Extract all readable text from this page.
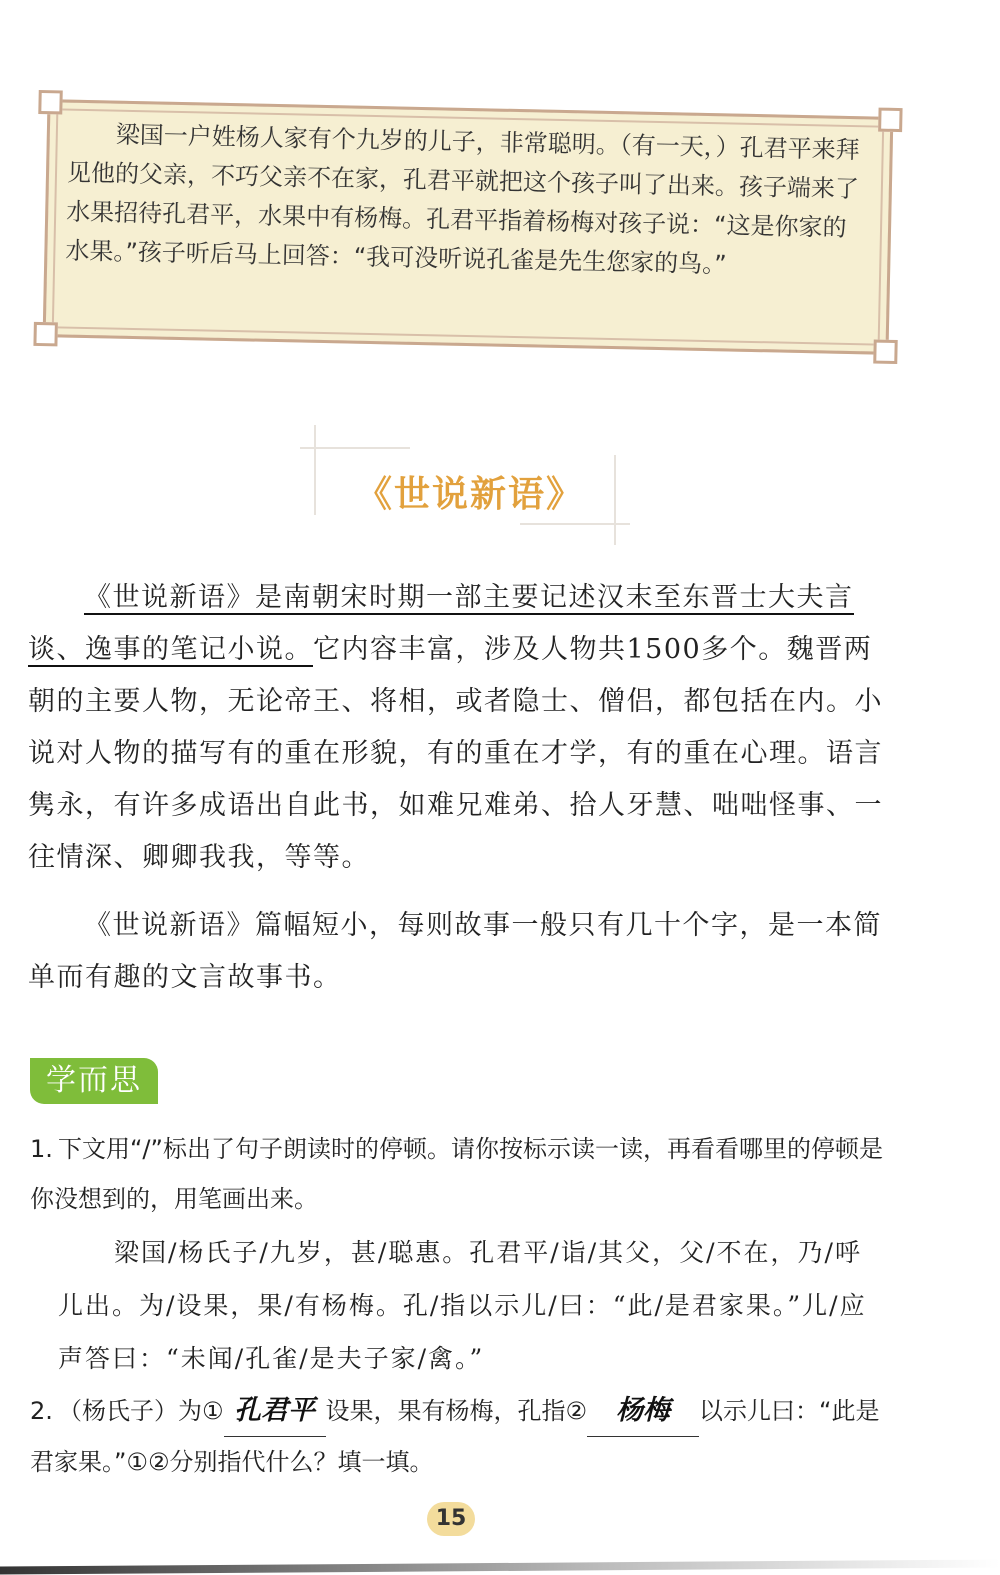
梁国一户姓杨人家有个九岁的儿子，非常聪明。（有一天，）孔君平来拜见他的父亲，不巧父亲不在家，孔君平就把这个孩子叫了出来。孩子端来了水果招待孔君平，水果中有杨梅。孔君平指着杨梅对孩子说：“这是你家的水果。”孩子听后马上回答：“我可没听说孔雀是先生您家的鸟。”

《世说新语》

《世说新语》是南朝宋时期一部主要记述汉末至东晋士大夫言谈、逸事的笔记小说。它内容丰富，涉及人物共1500多个。魏晋两朝的主要人物，无论帝王、将相，或者隐士、僧侣，都包括在内。小说对人物的描写有的重在形貌，有的重在才学，有的重在心理。语言隽永，有许多成语出自此书，如难兄难弟、拾人牙慧、咄咄怪事、一往情深、卿卿我我，等等。

《世说新语》篇幅短小，每则故事一般只有几十个字，是一本简单而有趣的文言故事书。

学而思

1. 下文用“/”标出了句子朗读时的停顿。请你按标示读一读，再看看哪里的停顿是你没想到的，用笔画出来。

梁国/杨氏子/九岁，甚/聪惠。孔君平/诣/其父，父/不在，乃/呼儿出。为/设果，果/有杨梅。孔/指以示儿/曰：“此/是君家果。”儿/应声答曰：“未闻/孔雀/是夫子家/禽。”

2. （杨氏子）为① 孔君平 设果，果有杨梅，孔指② 杨梅 以示儿曰：“此是君家果。”①②分别指代什么？填一填。

15
